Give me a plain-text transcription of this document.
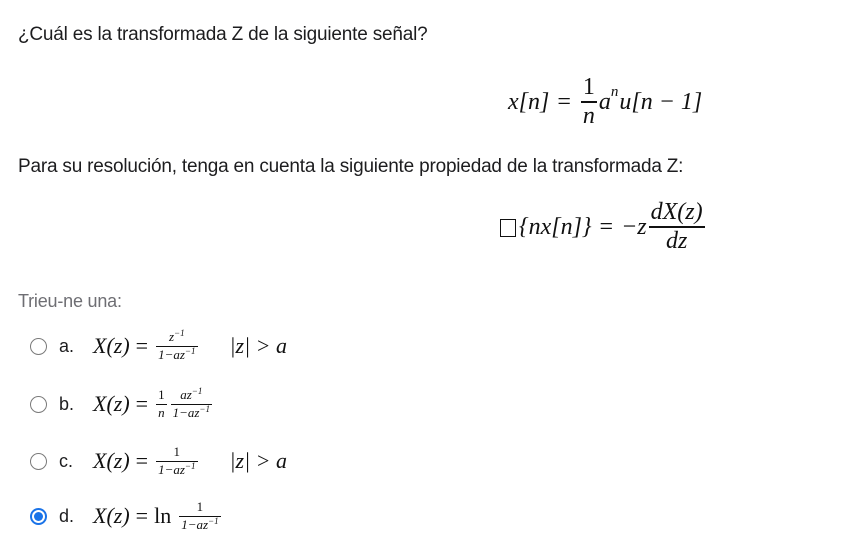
¿Cuál es la transformada Z de la siguiente señal?
$x[n] = \frac{1}{n}$ a n u[n − 1]
Para su resolución, tenga en cuenta la siguiente propiedad de la transformada Z:
$\{nx[n]\} = -z \frac{dX(z)}{dz}$
Trieu-ne una:
a. $X(z) = \frac{z^{-1}}{1-az^{-1}} |z| > a$
b. $X(z) = \frac{1}{n} \frac{az^{-1}}{1-az^{-1}}$
c. $X(z) = \frac{1}{1-az^{-1}} |z| > a$
d. $X(z) = \ln \frac{1}{1-az^{-1}}$
